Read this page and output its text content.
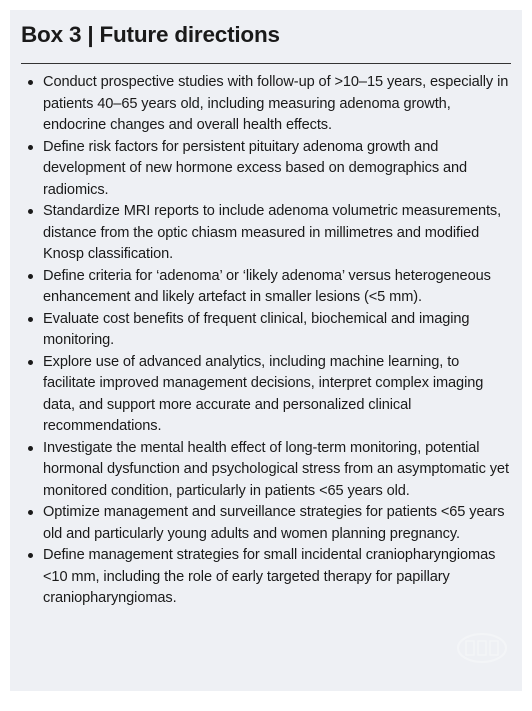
Box 3 | Future directions
Conduct prospective studies with follow-up of >10–15 years, especially in patients 40–65 years old, including measuring adenoma growth, endocrine changes and overall health effects.
Define risk factors for persistent pituitary adenoma growth and development of new hormone excess based on demographics and radiomics.
Standardize MRI reports to include adenoma volumetric measurements, distance from the optic chiasm measured in millimetres and modified Knosp classification.
Define criteria for ‘adenoma’ or ‘likely adenoma’ versus heterogeneous enhancement and likely artefact in smaller lesions (<5 mm).
Evaluate cost benefits of frequent clinical, biochemical and imaging monitoring.
Explore use of advanced analytics, including machine learning, to facilitate improved management decisions, interpret complex imaging data, and support more accurate and personalized clinical recommendations.
Investigate the mental health effect of long-term monitoring, potential hormonal dysfunction and psychological stress from an asymptomatic yet monitored condition, particularly in patients <65 years old.
Optimize management and surveillance strategies for patients <65 years old and particularly young adults and women planning pregnancy.
Define management strategies for small incidental craniopharyngiomas <10 mm, including the role of early targeted therapy for papillary craniopharyngiomas.
